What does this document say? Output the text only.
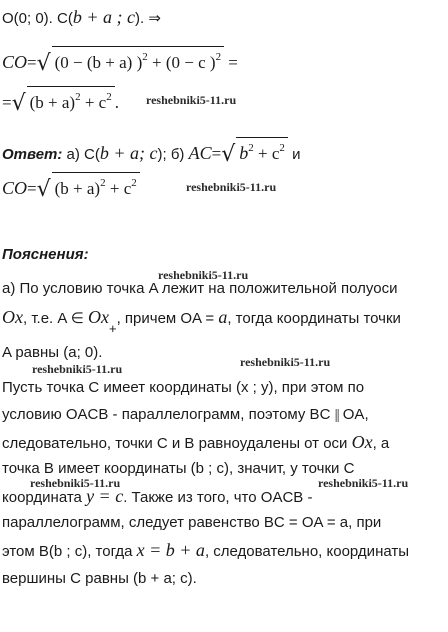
O(0; 0). C(b + a ; c). ⇒
CO=√ (0 − (b + a) )$^2$ + (0 − c )$^2$ =
=√ $(b + a)^2 + c^2$ .
Ответ: а) C(b + a; c); б) AC=√ $b^2 + c^2$ и
CO=√ $(b + a)^2 + c^2$
Пояснения:
а) По условию точка A лежит на положительной полуоси
Ox, т.е. A ∈ Ox+, причем OA = a, тогда координаты точки
A равны (a; 0).
Пусть точка C имеет координаты (x ; y), при этом по
условию OACB - параллелограмм, поэтому BC || OA,
следовательно, точки C и B равноудалены от оси Ox, а
точка B имеет координаты (b ; c), значит, у точки C
координата y = c. Также из того, что OACB -
параллелограмм, следует равенство BC = OA = a, при
этом B(b ; c), тогда x = b + a, следовательно, координаты
вершины C равны (b + a; c).
reshebniki5-11.ru
reshebniki5-11.ru
reshebniki5-11.ru
reshebniki5-11.ru	reshebniki5-11.ru
reshebniki5-11.ru	reshebniki5-11.ru
